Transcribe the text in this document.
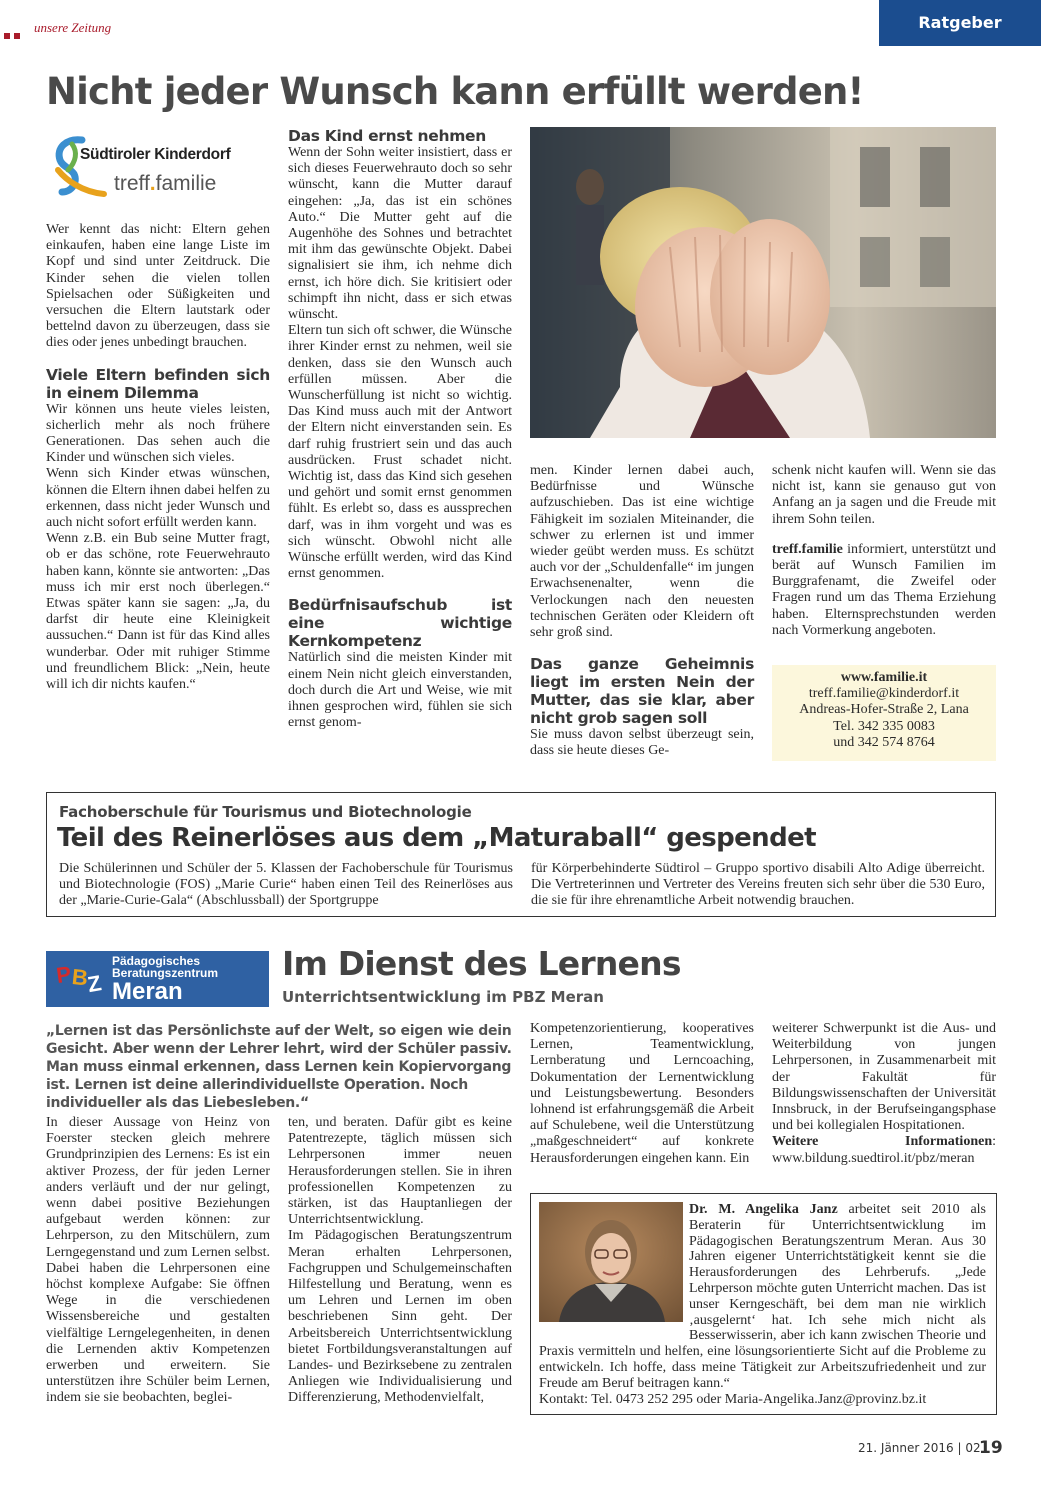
unsere Zeitung	Ratgeber
Nicht jeder Wunsch kann erfüllt werden!
Südtiroler Kinderdorf
treff.familie

Wer kennt das nicht: Eltern gehen einkaufen, haben eine lange Liste im Kopf und sind unter Zeitdruck. Die Kinder sehen die vielen tollen Spielsachen oder Süßigkeiten und versuchen die Eltern lautstark oder bettelnd davon zu überzeugen, dass sie dies oder jenes unbedingt brauchen.

Viele Eltern befinden sich in einem Dilemma

Wir können uns heute vieles leisten, sicherlich mehr als noch frühere Generationen. Das sehen auch die Kinder und wünschen sich vieles.

Wenn sich Kinder etwas wünschen, können die Eltern ihnen dabei helfen zu erkennen, dass nicht jeder Wunsch und auch nicht sofort erfüllt werden kann.

Wenn z.B. ein Bub seine Mutter fragt, ob er das schöne, rote Feuerwehrauto haben kann, könnte sie antworten: „Das muss ich mir erst noch überlegen.“ Etwas später kann sie sagen: „Ja, du darfst dir heute eine Kleinigkeit aussuchen.“ Dann ist für das Kind alles wunderbar. Oder mit ruhiger Stimme und freundlichem Blick: „Nein, heute will ich dir nichts kaufen.“

Das Kind ernst nehmen

Wenn der Sohn weiter insistiert, dass er sich dieses Feuerwehrauto doch so sehr wünscht, kann die Mutter darauf eingehen: „Ja, das ist ein schönes Auto.“ Die Mutter geht auf die Augenhöhe des Sohnes und betrachtet mit ihm das gewünschte Objekt. Dabei signalisiert sie ihm, ich nehme dich ernst, ich höre dich. Sie kritisiert oder schimpft ihn nicht, dass er sich etwas wünscht.

Eltern tun sich oft schwer, die Wünsche ihrer Kinder ernst zu nehmen, weil sie denken, dass sie den Wunsch auch erfüllen müssen. Aber die Wunscherfüllung ist nicht so wichtig. Das Kind muss auch mit der Antwort der Eltern nicht einverstanden sein. Es darf ruhig frustriert sein und das auch ausdrücken. Frust schadet nicht. Wichtig ist, dass das Kind sich gesehen und gehört und somit ernst genommen fühlt. Es erlebt so, dass es aussprechen darf, was in ihm vorgeht und was es sich wünscht. Obwohl nicht alle Wünsche erfüllt werden, wird das Kind ernst genommen.

Bedürfnisaufschub ist eine wichtige Kernkompetenz

Natürlich sind die meisten Kinder mit einem Nein nicht gleich einverstanden, doch durch die Art und Weise, wie mit ihnen gesprochen wird, fühlen sie sich ernst genom-

men. Kinder lernen dabei auch, Bedürfnisse und Wünsche aufzuschieben. Das ist eine wichtige Fähigkeit im sozialen Miteinander, die schwer zu erlernen ist und immer wieder geübt werden muss. Es schützt auch vor der „Schuldenfalle“ im jungen Erwachsenenalter, wenn die Verlockungen nach den neuesten technischen Geräten oder Kleidern oft sehr groß sind.

Das ganze Geheimnis liegt im ersten Nein der Mutter, das sie klar, aber nicht grob sagen soll

Sie muss davon selbst überzeugt sein, dass sie heute dieses Ge-

schenk nicht kaufen will. Wenn sie das nicht ist, kann sie genauso gut von Anfang an ja sagen und die Freude mit ihrem Sohn teilen.

treff.familie informiert, unterstützt und berät auf Wunsch Familien im Burggrafenamt, die Zweifel oder Fragen rund um das Thema Erziehung haben. Elternsprechstunden werden nach Vormerkung angeboten.

www.familie.it
treff.familie@kinderdorf.it
Andreas-Hofer-Straße 2, Lana
Tel. 342 335 0083
und 342 574 8764
Fachoberschule für Tourismus und Biotechnologie
Teil des Reinerlöses aus dem „Maturaball“ gespendet
Die Schülerinnen und Schüler der 5. Klassen der Fachoberschule für Tourismus und Biotechnologie (FOS) „Marie Curie“ haben einen Teil des Reinerlöses aus der „Marie-Curie-Gala“ (Abschlussball) der Sportgruppe
für Körperbehinderte Südtirol – Gruppo sportivo disabili Alto Adige überreicht. Die Vertreterinnen und Vertreter des Vereins freuten sich sehr über die 530 Euro, die sie für ihre ehrenamtliche Arbeit notwendig brauchen.
P
B
Z
Pädagogisches
Beratungszentrum
Meran
Im Dienst des Lernens
Unterrichtsentwicklung im PBZ Meran
„Lernen ist das Persönlichste auf der Welt, so eigen wie dein Gesicht. Aber wenn der Lehrer lehrt, wird der Schüler passiv. Man muss einmal erkennen, dass Lernen kein Kopiervorgang ist. Lernen ist deine allerindividuellste Operation. Noch individueller als das Liebesleben.“
In dieser Aussage von Heinz von Foerster stecken gleich mehrere Grundprinzipien des Lernens: Es ist ein aktiver Prozess, der für jeden Lerner anders verläuft und der nur gelingt, wenn dabei positive Beziehungen aufgebaut werden können: zur Lehrperson, zu den Mitschülern, zum Lerngegenstand und zum Lernen selbst. Dabei haben die Lehrpersonen eine höchst komplexe Aufgabe: Sie öffnen Wege in die verschiedenen Wissensbereiche und gestalten vielfältige Lerngelegenheiten, in denen die Lernenden aktiv Kompetenzen erwerben und erweitern. Sie unterstützen ihre Schüler beim Lernen, indem sie sie beobachten, beglei-

ten, und beraten. Dafür gibt es keine Patentrezepte, täglich müssen sich Lehrpersonen immer neuen Herausforderungen stellen. Sie in ihren professionellen Kompetenzen zu stärken, ist das Hauptanliegen der Unterrichtsentwicklung.

Im Pädagogischen Beratungszentrum Meran erhalten Lehrpersonen, Fachgruppen und Schulgemeinschaften Hilfestellung und Beratung, wenn es um Lehren und Lernen im oben beschriebenen Sinn geht. Der Arbeitsbereich Unterrichtsentwicklung bietet Fortbildungsveranstaltungen auf Landes- und Bezirksebene zu zentralen Anliegen wie Individualisierung und Differenzierung, Methodenvielfalt,

Kompetenzorientierung, kooperatives Lernen, Teamentwicklung, Lernberatung und Lerncoaching, Dokumentation der Lernentwicklung und Leistungsbewertung. Besonders lohnend ist erfahrungsgemäß die Arbeit auf Schulebene, weil die Unterstützung „maßgeschneidert“ auf konkrete Herausforderungen eingehen kann. Ein

weiterer Schwerpunkt ist die Aus- und Weiterbildung von jungen Lehrpersonen, in Zusammenarbeit mit der Fakultät für Bildungswissenschaften der Universität Innsbruck, in der Berufseingangsphase und bei kollegialen Hospitationen.

Weitere Informationen: www.bildung.suedtirol.it/pbz/meran

Dr. M. Angelika Janz arbeitet seit 2010 als Beraterin für Unterrichtsentwicklung im Pädagogischen Beratungszentrum Meran. Aus 30 Jahren eigener Unterrichtstätigkeit kennt sie die Herausforderungen des Lehrberufs. „Jede Lehrperson möchte guten Unterricht machen. Das ist unser Kerngeschäft, bei dem man nie wirklich ‚ausgelernt‘ hat. Ich sehe mich nicht als Besserwisserin, aber ich kann zwischen Theorie und Praxis vermitteln und helfen, eine lösungsorientierte Sicht auf die Probleme zu entwickeln. Ich hoffe, dass meine Tätigkeit zur Arbeitszufriedenheit und zur Freude am Beruf beitragen kann.“
Kontakt: Tel. 0473 252 295 oder Maria-Angelika.Janz@provinz.bz.it
21. Jänner 2016 | 02
19
